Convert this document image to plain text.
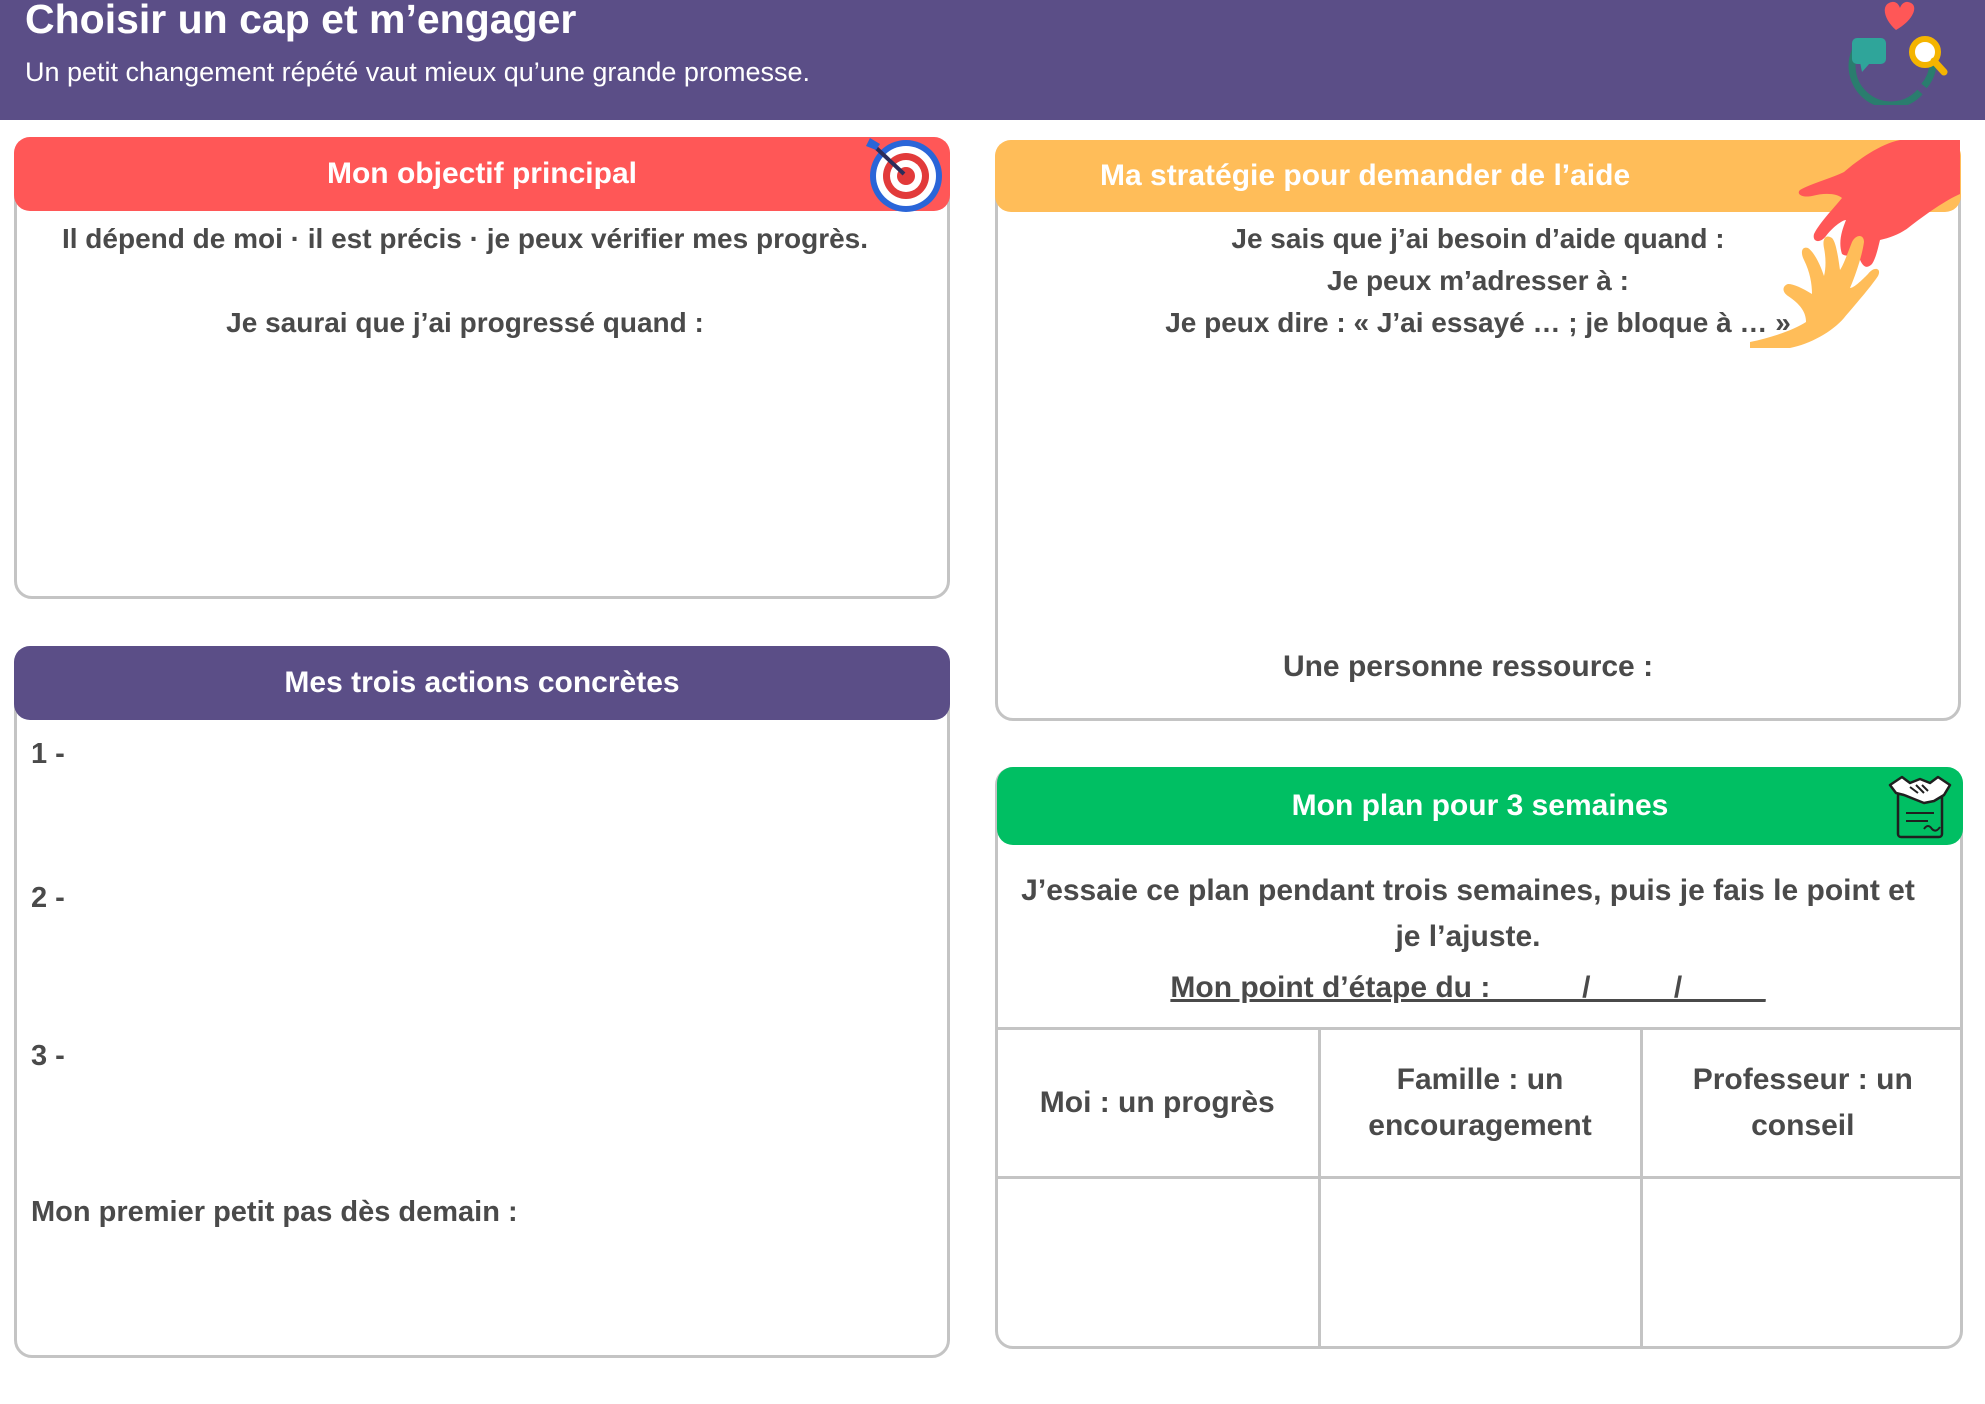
Choisir un cap et m’engager
Un petit changement répété vaut mieux qu’une grande promesse.
Mon objectif principal
Il dépend de moi · il est précis · je peux vérifier mes progrès.
Je saurai que j’ai progressé quand :
Ma stratégie pour demander de l’aide
Je sais que j’ai besoin d’aide quand :
Je peux m’adresser à :
Je peux dire : « J’ai essayé … ; je bloque à … »
Une personne ressource :
Mes trois actions concrètes
1 -
2 -
3 -
Mon premier petit pas dès demain :
Mon plan pour 3 semaines
J’essaie ce plan pendant trois semaines, puis je fais le point et je l’ajuste.
Mon point d’étape du : _____/_____/_____
Moi : un progrès	Famille : un encouragement	Professeur : un conseil
